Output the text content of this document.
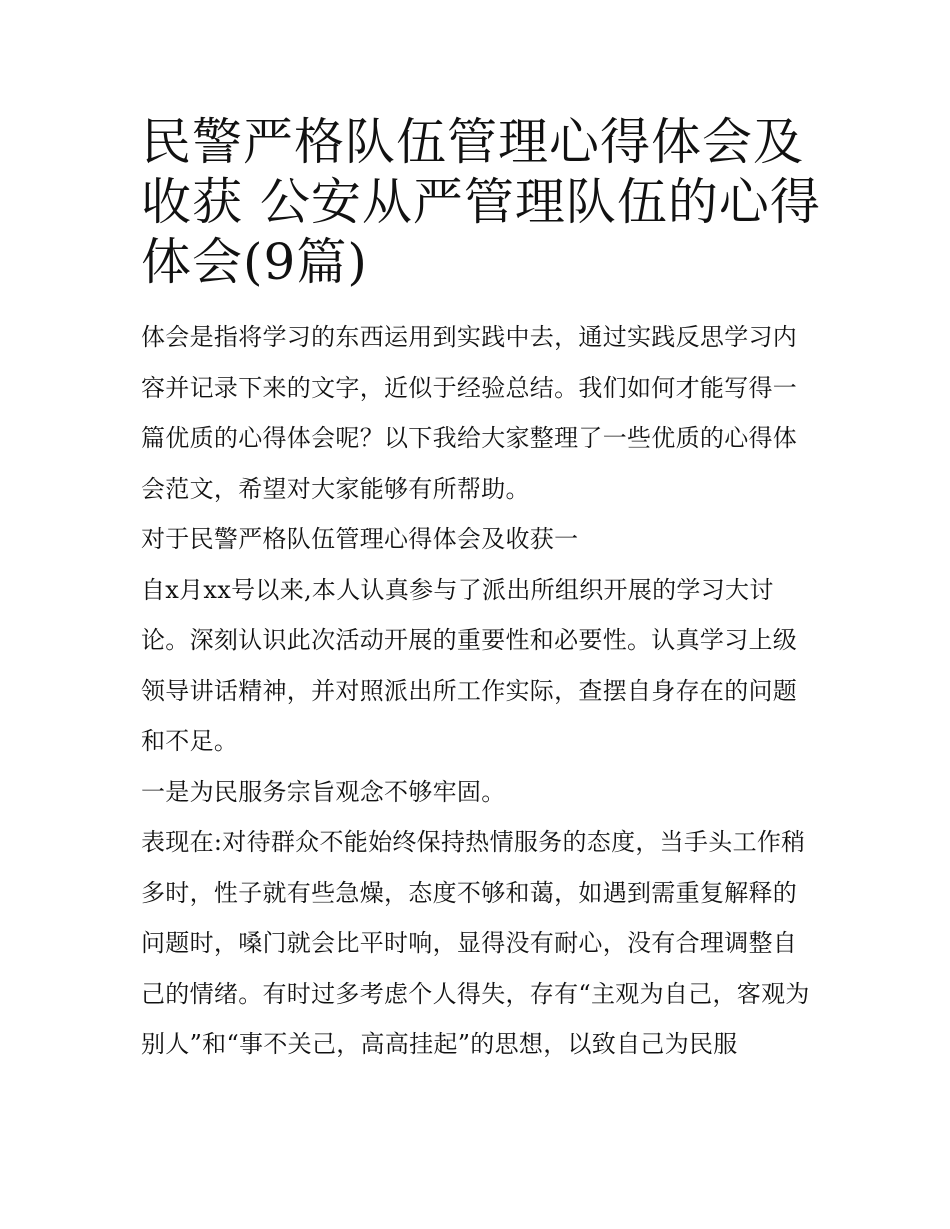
民警严格队伍管理心得体会及收获 公安从严管理队伍的心得体会(9篇)

体会是指将学习的东西运用到实践中去，通过实践反思学习内容并记录下来的文字，近似于经验总结。我们如何才能写得一篇优质的心得体会呢？以下我给大家整理了一些优质的心得体会范文，希望对大家能够有所帮助。

对于民警严格队伍管理心得体会及收获一

自x月xx号以来,本人认真参与了派出所组织开展的学习大讨论。深刻认识此次活动开展的重要性和必要性。认真学习上级领导讲话精神，并对照派出所工作实际，查摆自身存在的问题和不足。

一是为民服务宗旨观念不够牢固。

表现在:对待群众不能始终保持热情服务的态度，当手头工作稍多时，性子就有些急燥，态度不够和蔼，如遇到需重复解释的问题时，嗓门就会比平时响，显得没有耐心，没有合理调整自己的情绪。有时过多考虑个人得失，存有“主观为自己，客观为别人”和“事不关己，高高挂起”的思想，以致自己为民服
